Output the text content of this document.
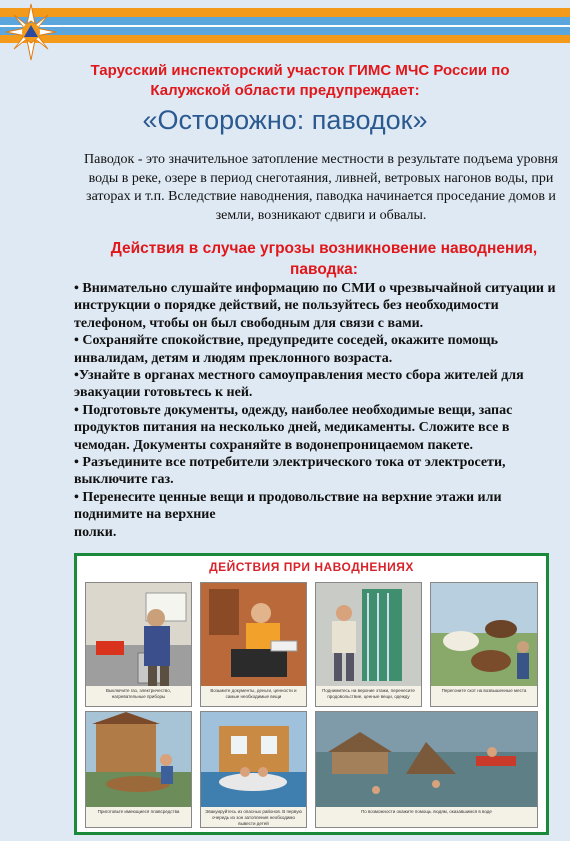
Тарусский инспекторский участок ГИМС МЧС России по
Калужской области предупреждает:
«Осторожно: паводок»
Паводок - это значительное затопление местности в результате подъема уровня воды в реке, озере в период снеготаяния, ливней, ветровых нагонов воды, при заторах и т.п. Вследствие наводнения, паводка начинается проседание домов и земли, возникают сдвиги и обвалы.
Действия в случае угрозы возникновение наводнения, паводка:
• Внимательно слушайте информацию по СМИ о чрезвычайной ситуации и инструкции о порядке действий, не пользуйтесь без необходимости телефоном, чтобы он был свободным для связи с вами.
• Сохраняйте спокойствие, предупредите соседей, окажите помощь инвалидам, детям и людям преклонного возраста.
•Узнайте в органах местного самоуправления место сбора жителей для эвакуации готовьтесь к ней.
• Подготовьте документы, одежду, наиболее необходимые вещи, запас продуктов питания на несколько дней, медикаменты. Сложите все в чемодан. Документы сохраняйте в водонепроницаемом пакете.
• Разъедините все потребители электрического тока от электросети, выключите газ.
• Перенесите ценные вещи и продовольствие на верхние этажи или поднимите на верхние
полки.
ДЕЙСТВИЯ ПРИ НАВОДНЕНИЯХ
Выключите газ, электричество, нагревательные приборы
Возьмите документы, деньги, ценности и самые необходимые вещи
Поднимитесь на верхние этажи, перенесите продовольствие, ценные вещи, одежду
Перегоните скот на возвышенные места
Приготовьте имеющиеся плавсредства	Эвакуируйтесь из опасных районов. В первую очередь из зон затопления необходимо вывести детей
По возможности окажите помощь людям, оказавшимся в воде
